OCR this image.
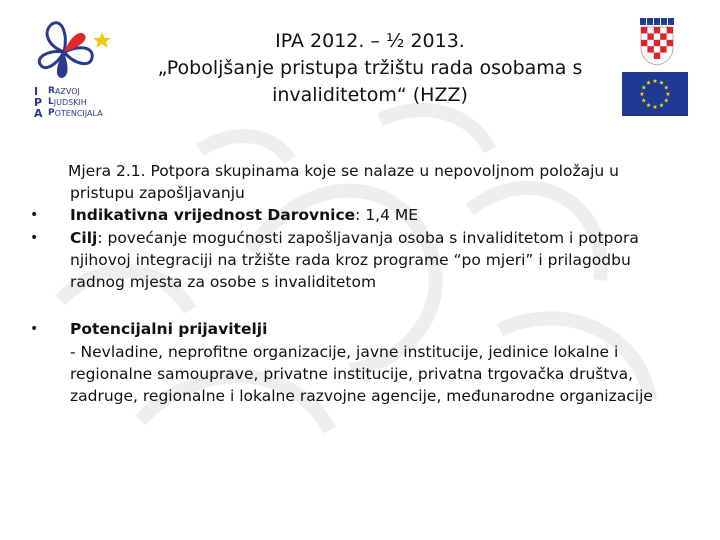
I	R AZVOJ
P L JUDSKIH
A P OTENCIJALA
IPA 2012. – ½ 2013.
„Poboljšanje pristupa tržištu rada osobama s
invaliditetom“ (HZZ)
Mjera 2.1. Potpora skupinama koje se nalaze u nepovoljnom položaju u
pristupu zapošljavanju
• Indikativna vrijednost Darovnice: 1,4 ME
• Cilj: povećanje mogućnosti zapošljavanja osoba s invaliditetom i potpora
njihovoj integraciji na tržište rada kroz programe “po mjeri” i prilagodbu
radnog mjesta za osobe s invaliditetom
• Potencijalni prijavitelji
- Nevladine, neprofitne organizacije, javne institucije, jedinice lokalne i
regionalne samouprave, privatne institucije, privatna trgovačka društva,
zadruge, regionalne i lokalne razvojne agencije, međunarodne organizacije
